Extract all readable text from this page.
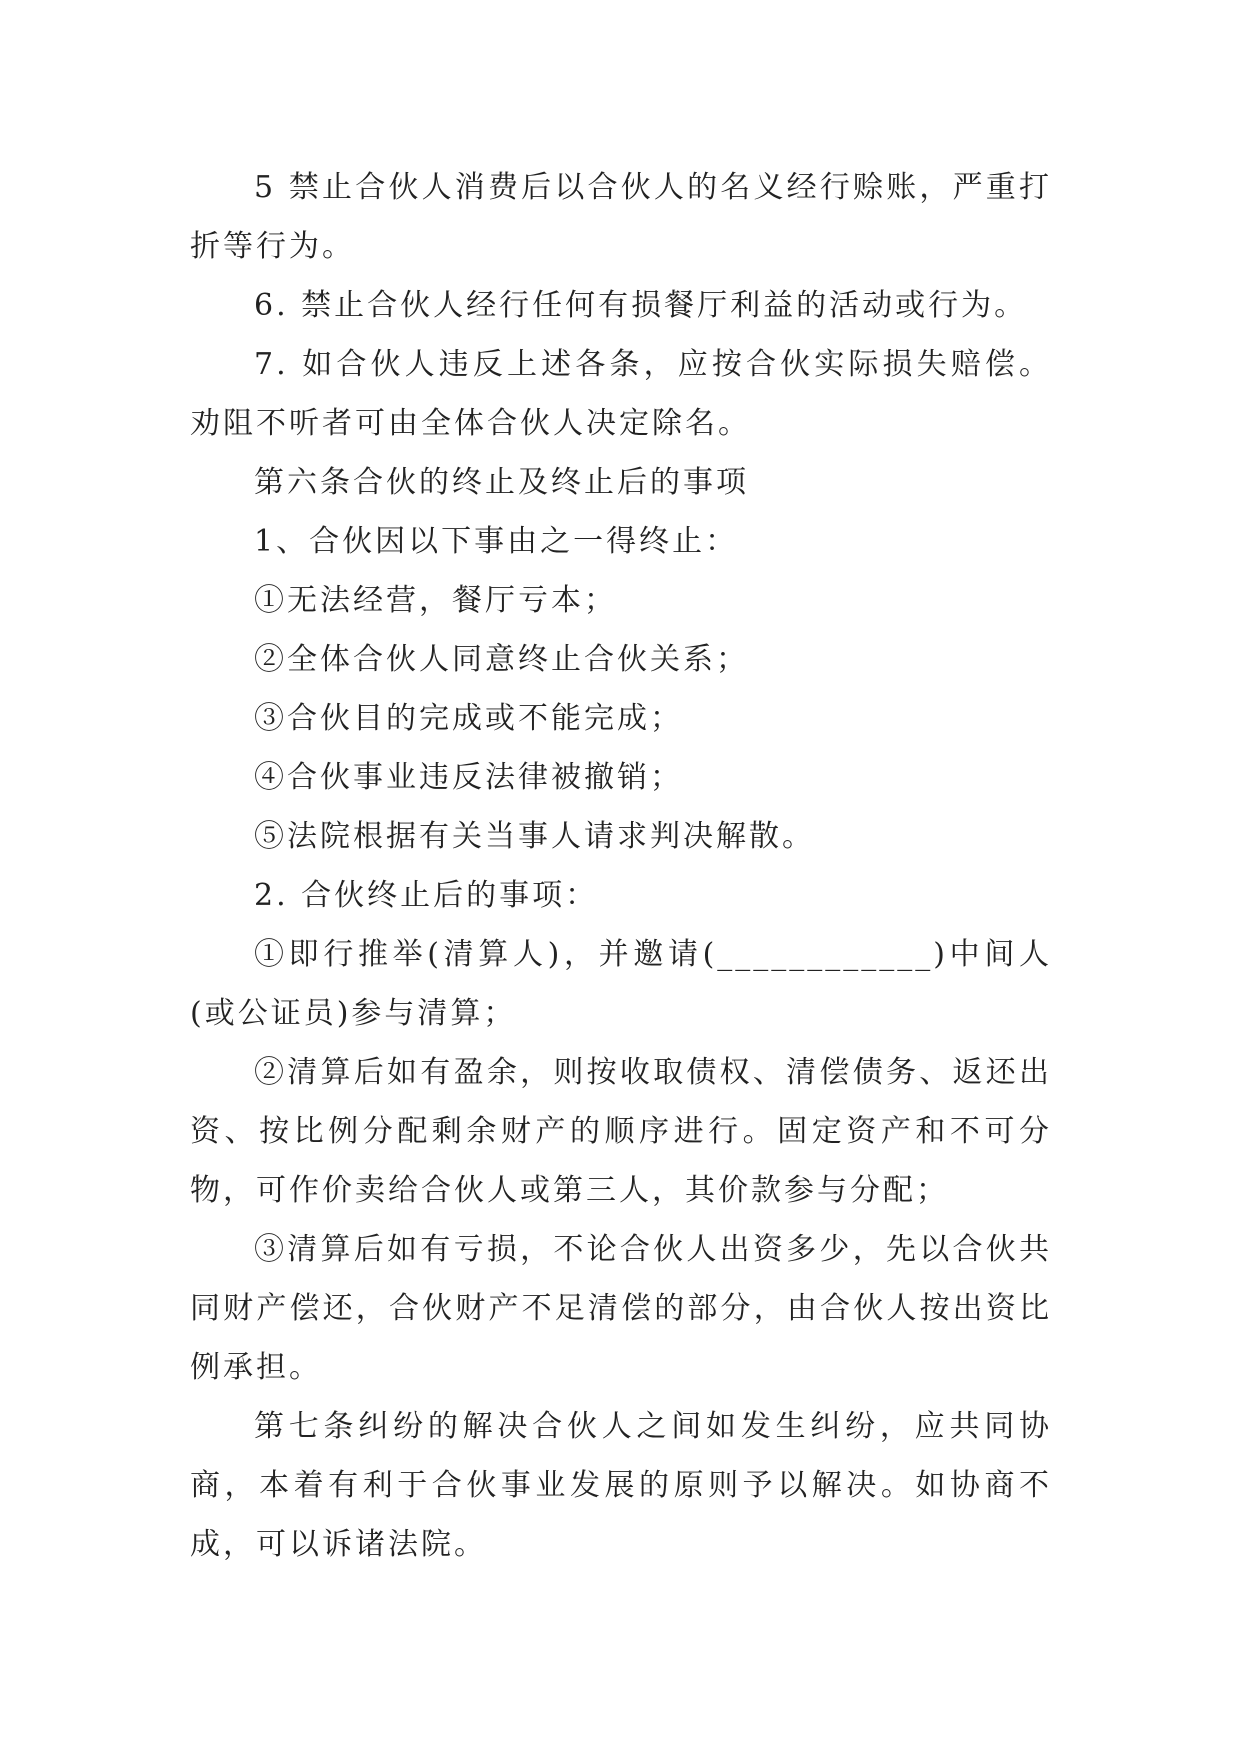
5 禁止合伙人消费后以合伙人的名义经行赊账，严重打折等行为。

6. 禁止合伙人经行任何有损餐厅利益的活动或行为。

7. 如合伙人违反上述各条，应按合伙实际损失赔偿。劝阻不听者可由全体合伙人决定除名。

第六条合伙的终止及终止后的事项

1、合伙因以下事由之一得终止：

①无法经营，餐厅亏本；

②全体合伙人同意终止合伙关系；

③合伙目的完成或不能完成；

④合伙事业违反法律被撤销；

⑤法院根据有关当事人请求判决解散。

2. 合伙终止后的事项：

①即行推举(清算人)，并邀请(____________)中间人(或公证员)参与清算；

②清算后如有盈余，则按收取债权、清偿债务、返还出资、按比例分配剩余财产的顺序进行。固定资产和不可分物，可作价卖给合伙人或第三人，其价款参与分配；

③清算后如有亏损，不论合伙人出资多少，先以合伙共同财产偿还，合伙财产不足清偿的部分，由合伙人按出资比例承担。

第七条纠纷的解决合伙人之间如发生纠纷，应共同协商，本着有利于合伙事业发展的原则予以解决。如协商不成，可以诉诸法院。
